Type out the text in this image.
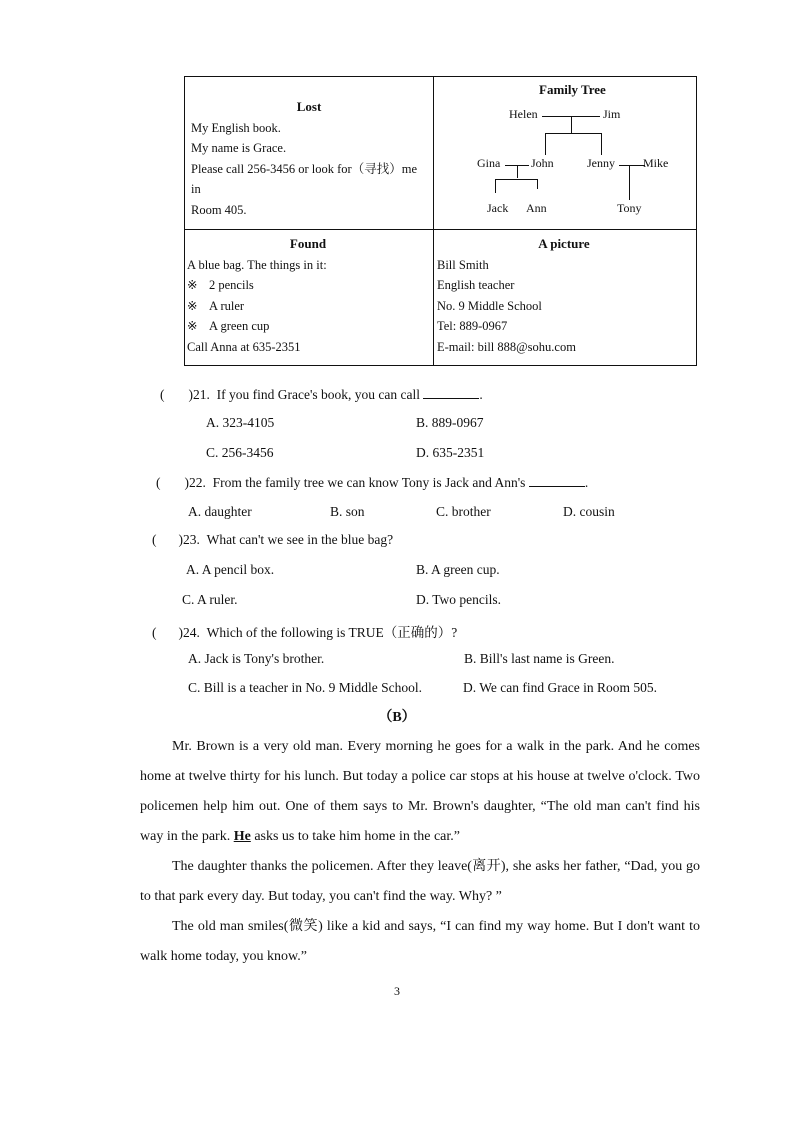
Lost
My English book.
My name is Grace.
Please call 256-3456 or look for（寻找）me in
Room 405.
Family Tree
Helen	Jim
Gina	John	Jenny Mike
Jack Ann	Tony
Found
A blue bag. The things in it:
※ 2 pencils
※ A ruler
※ A green cup
Call Anna at 635-2351
A picture
Bill Smith
English teacher
No. 9 Middle School
Tel: 889-0967
E-mail: bill 888@sohu.com
( )21. If you find Grace's book, you can call	.
A. 323-4105	B. 889-0967
C. 256-3456	D. 635-2351
( )22. From the family tree we can know Tony is Jack and Ann's	.
A. daughter	B. son	C. brother	D. cousin
( )23. What can't we see in the blue bag?
A. A pencil box.	B. A green cup.
C. A ruler.	D. Two pencils.
( )24. Which of the following is TRUE（正确的）?
A. Jack is Tony's brother.	B. Bill's last name is Green.
C. Bill is a teacher in No. 9 Middle School.	D. We can find Grace in Room 505.
（B）

Mr. Brown is a very old man. Every morning he goes for a walk in the park. And he comes home at twelve thirty for his lunch. But today a police car stops at his house at twelve o'clock. Two policemen help him out. One of them says to Mr. Brown's daughter, “The old man can't find his way in the park. He asks us to take him home in the car.”

The daughter thanks the policemen. After they leave(离开), she asks her father, “Dad, you go to that park every day. But today, you can't find the way. Why? ”

The old man smiles(微笑) like a kid and says, “I can find my way home. But I don't want to walk home today, you know.”

3
